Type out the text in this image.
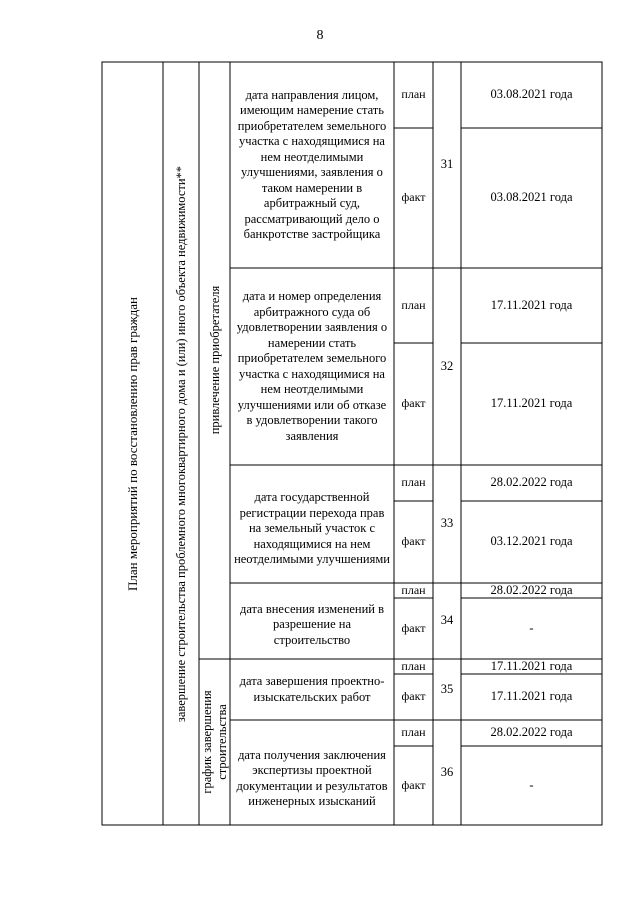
8
План мероприятий по восстановлению прав граждан	завершение строительства проблемного многоквартирного дома и (или) иного объекта недвижимости** привлечение приобретателя
график завершения строительства
дата направления лицом, имеющим намерение стать приобретателем земельного участка с находящимися на нем неотделимыми улучшениями, заявления о таком намерении в арбитражный суд, рассматривающий дело о банкротстве застройщика
план
факт
31
03.08.2021 года
03.08.2021 года
дата и номер определения арбитражного суда об удовлетворении заявления о намерении стать приобретателем земельного участка с находящимися на нем неотделимыми улучшениями или об отказе в удовлетворении такого заявления
план
факт
32
17.11.2021 года
17.11.2021 года
дата государственной регистрации перехода прав на земельный участок с находящимися на нем неотделимыми улучшениями
план
факт
33
28.02.2022 года
03.12.2021 года
дата внесения изменений в разрешение на строительство
план
факт
34
28.02.2022 года
-
дата завершения проектно-изыскательских работ
план
факт
35
17.11.2021 года
17.11.2021 года
дата получения заключения экспертизы проектной документации и результатов инженерных изысканий
план
факт
36
28.02.2022 года
-
